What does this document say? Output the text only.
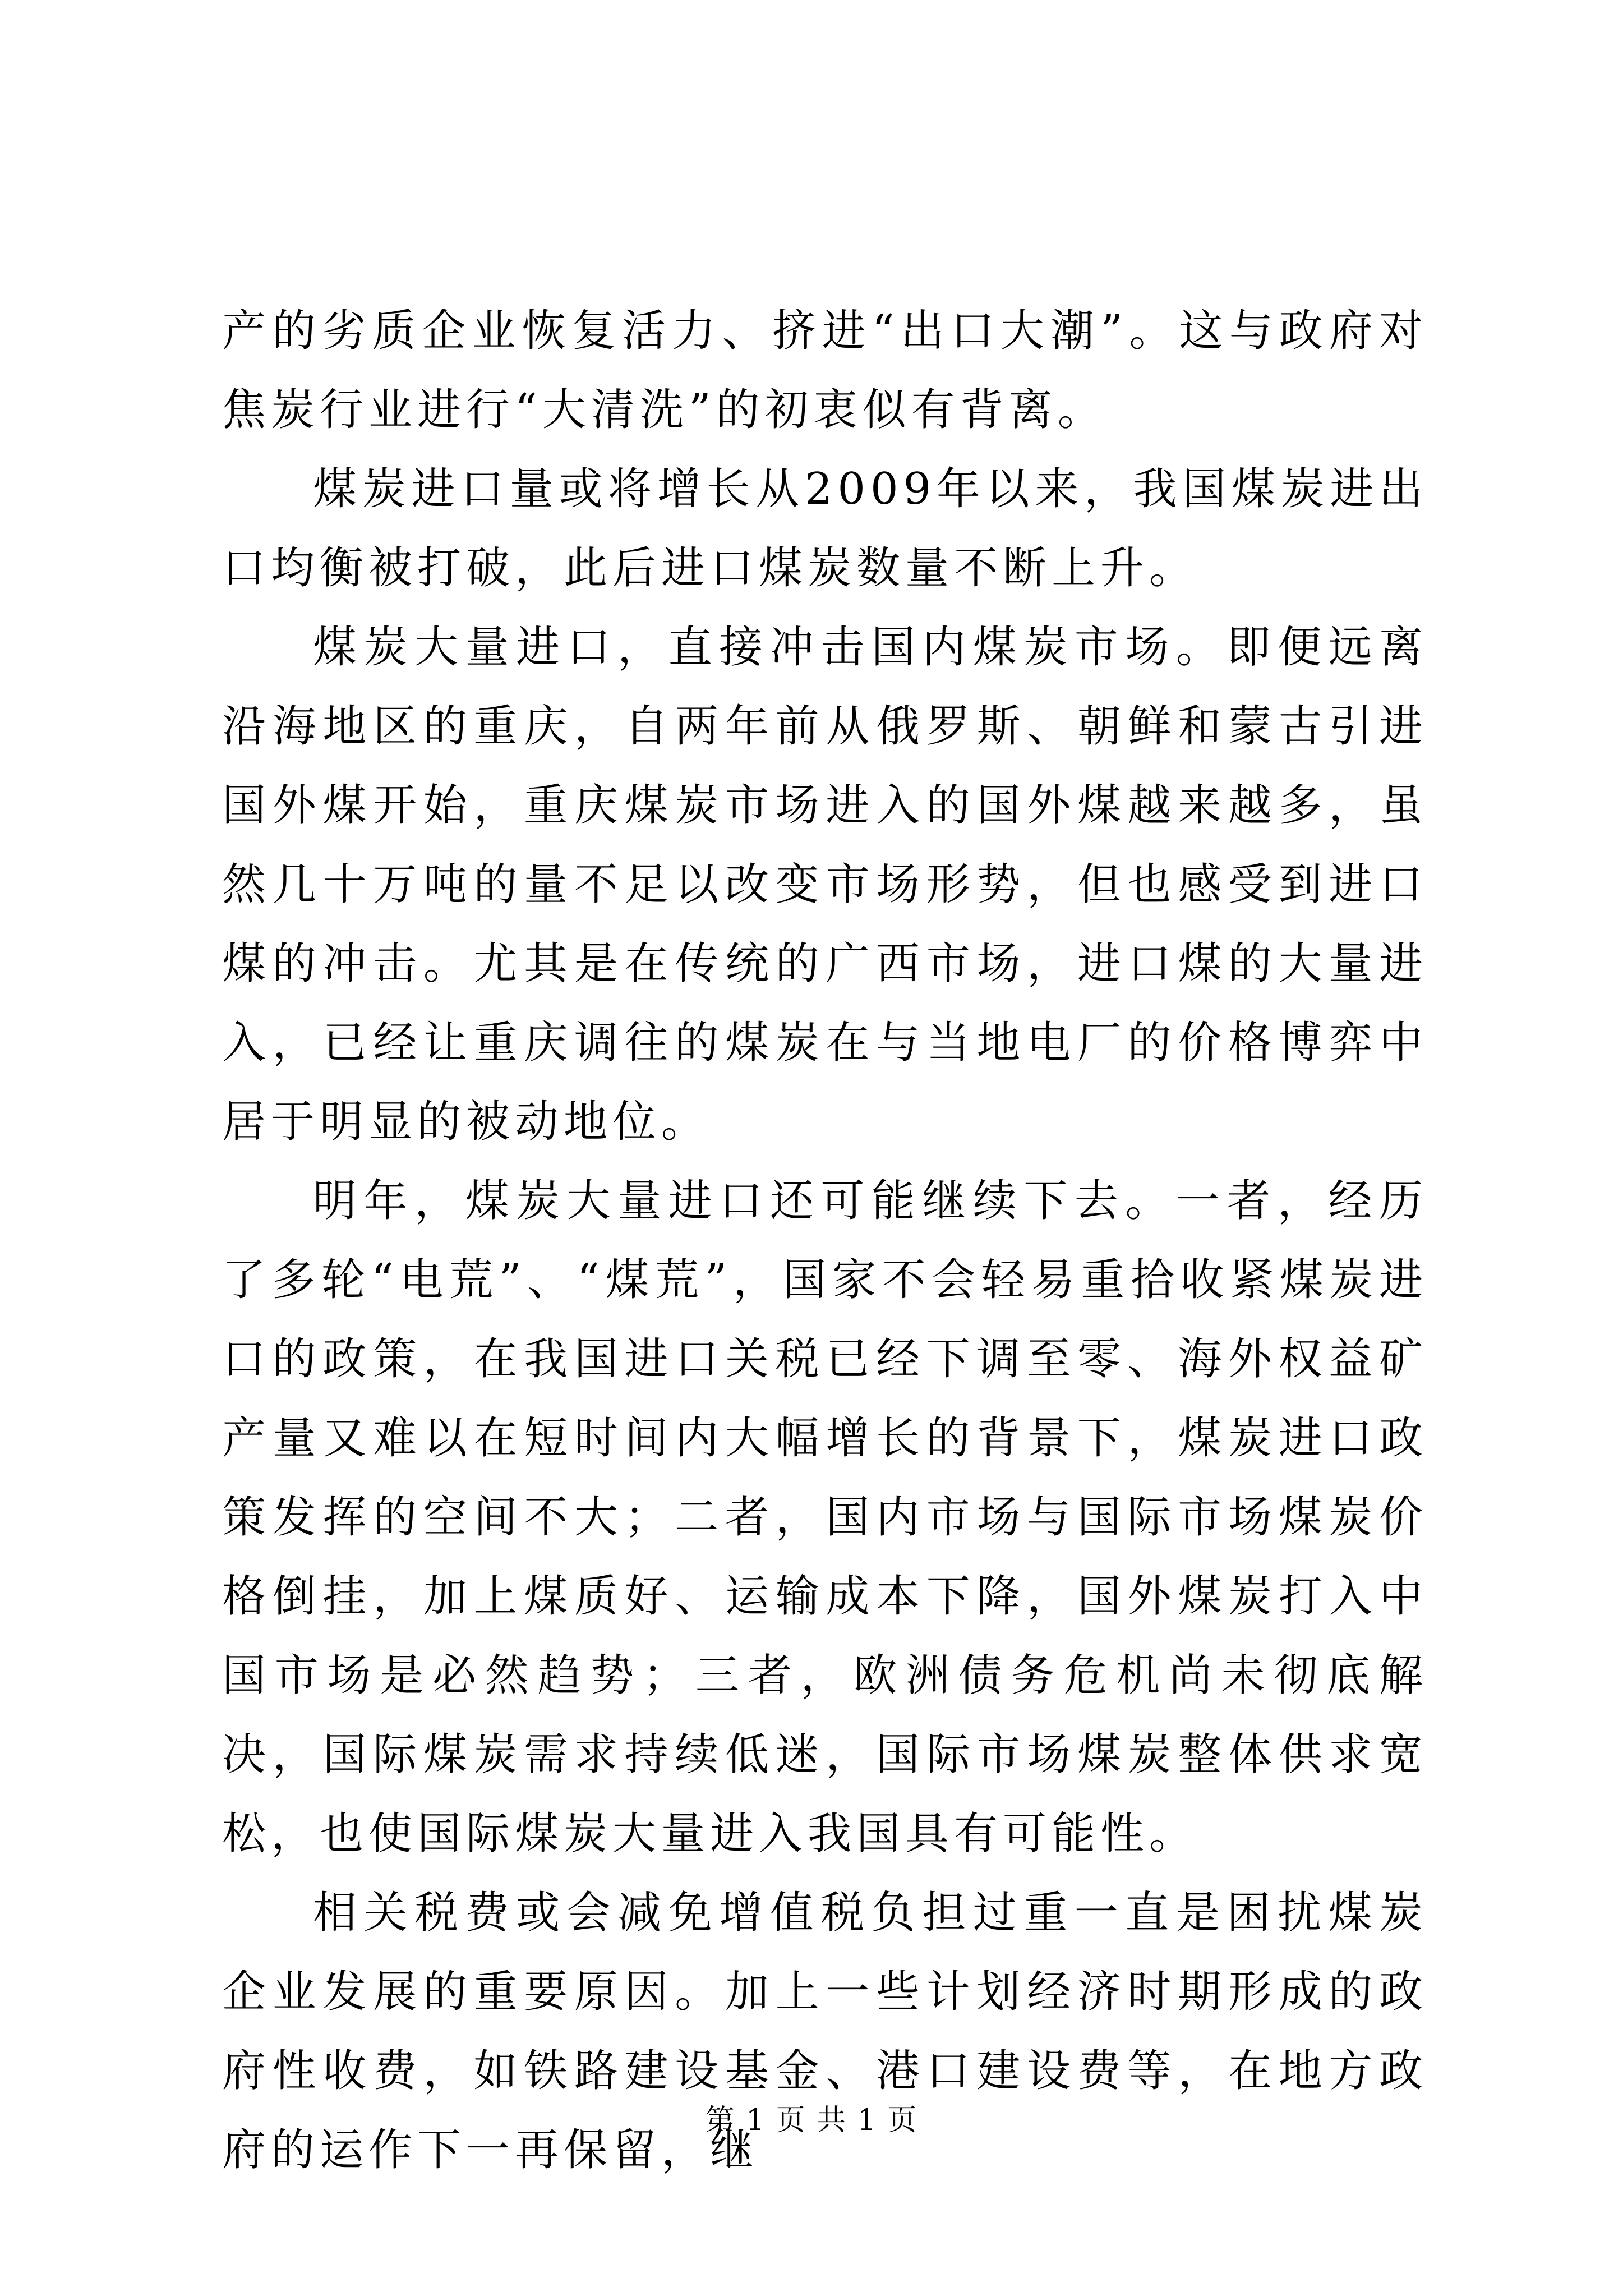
产的劣质企业恢复活力、挤进“出口大潮”。这与政府对焦炭行业进行“大清洗”的初衷似有背离。

煤炭进口量或将增长从2009年以来，我国煤炭进出口均衡被打破，此后进口煤炭数量不断上升。

煤炭大量进口，直接冲击国内煤炭市场。即便远离沿海地区的重庆，自两年前从俄罗斯、朝鲜和蒙古引进国外煤开始，重庆煤炭市场进入的国外煤越来越多，虽然几十万吨的量不足以改变市场形势，但也感受到进口煤的冲击。尤其是在传统的广西市场，进口煤的大量进入，已经让重庆调往的煤炭在与当地电厂的价格博弈中居于明显的被动地位。

明年，煤炭大量进口还可能继续下去。一者，经历了多轮“电荒”、“煤荒”，国家不会轻易重拾收紧煤炭进口的政策，在我国进口关税已经下调至零、海外权益矿产量又难以在短时间内大幅增长的背景下，煤炭进口政策发挥的空间不大；二者，国内市场与国际市场煤炭价格倒挂，加上煤质好、运输成本下降，国外煤炭打入中国市场是必然趋势；三者，欧洲债务危机尚未彻底解决，国际煤炭需求持续低迷，国际市场煤炭整体供求宽松，也使国际煤炭大量进入我国具有可能性。

相关税费或会减免增值税负担过重一直是困扰煤炭企业发展的重要原因。加上一些计划经济时期形成的政府性收费，如铁路建设基金、港口建设费等，在地方政府的运作下一再保留，继

第 1 页 共 1 页
